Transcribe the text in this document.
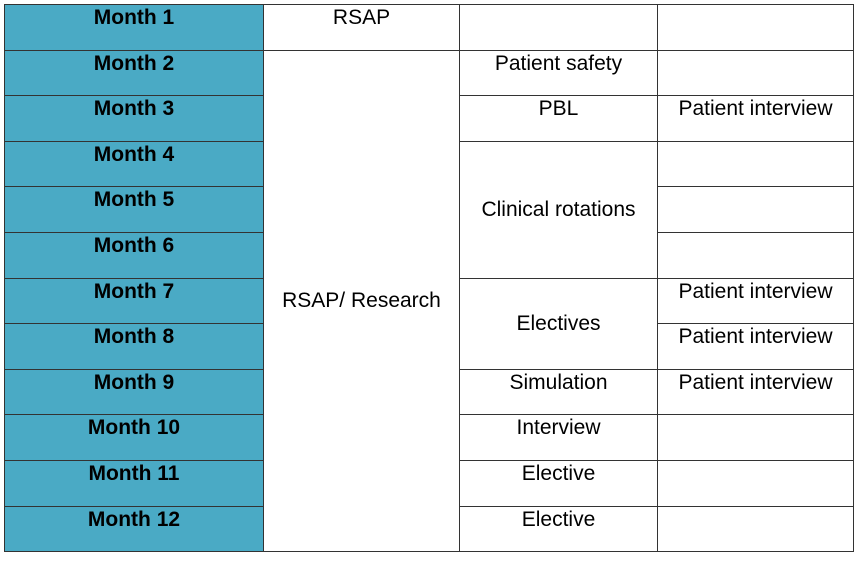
Month 1	RSAP		
Month 2	RSAP/ Research	Patient safety	
Month 3		PBL	Patient interview
Month 4		Clinical rotations	
Month 5			
Month 6			
Month 7		Electives	Patient interview
Month 8			Patient interview
Month 9		Simulation	Patient interview
Month 10		Interview	
Month 11		Elective	
Month 12		Elective	
